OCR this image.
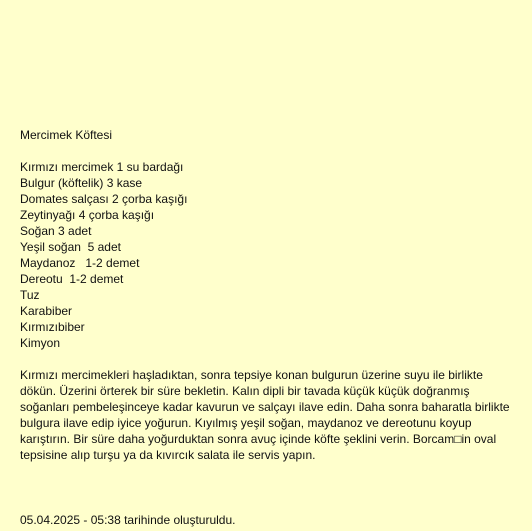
Mercimek Köftesi
Kırmızı mercimek 1 su bardağı
Bulgur (köftelik) 3 kase
Domates salçası 2 çorba kaşığı
Zeytinyağı 4 çorba kaşığı
Soğan 3 adet
Yeşil soğan  5 adet
Maydanoz   1-2 demet
Dereotu  1-2 demet
Tuz
Karabiber
Kırmızıbiber
Kimyon

Kırmızı mercimekleri haşladıktan, sonra tepsiye konan bulgurun üzerine suyu ile birlikte dökün. Üzerini örterek bir süre bekletin. Kalın dipli bir tavada küçük küçük doğranmış soğanları pembeleşinceye kadar kavurun ve salçayı ilave edin. Daha sonra baharatla birlikte bulgura ilave edip iyice yoğurun. Kıyılmış yeşil soğan, maydanoz ve dereotunu koyup karıştırın. Bir süre daha yoğurduktan sonra avuç içinde köfte şeklini verin. Borcam□in oval tepsisine alıp turşu ya da kıvırcık salata ile servis yapın.

05.04.2025 - 05:38 tarihinde oluşturuldu.
